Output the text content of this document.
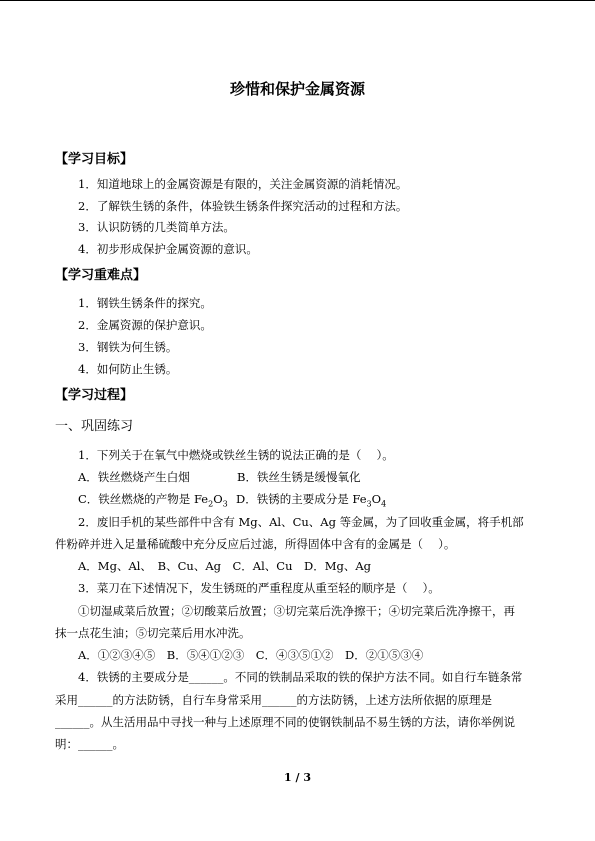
珍惜和保护金属资源
【学习目标】
1．知道地球上的金属资源是有限的，关注金属资源的消耗情况。
2．了解铁生锈的条件，体验铁生锈条件探究活动的过程和方法。
3．认识防锈的几类简单方法。
4．初步形成保护金属资源的意识。
【学习重难点】
1．钢铁生锈条件的探究。
2．金属资源的保护意识。
3．钢铁为何生锈。
4．如何防止生锈。
【学习过程】
一、巩固练习
1．下列关于在氧气中燃烧或铁丝生锈的说法正确的是（　 ）。
A．铁丝燃烧产生白烟	B．铁丝生锈是缓慢氧化
C．铁丝燃烧的产物是 $Fe_2O_3$ D．铁锈的主要成分是 $Fe_3O_4$
2．废旧手机的某些部件中含有 Mg、Al、Cu、Ag 等金属，为了回收重金属，将手机部
件粉碎并进入足量稀硫酸中充分反应后过滤，所得固体中含有的金属是（　 ）。
A．Mg、Al、　B、Cu、Ag　C．Al、Cu　D．Mg、Ag
3．菜刀在下述情况下，发生锈斑的严重程度从重至轻的顺序是（　 ）。
①切湿咸菜后放置；②切酸菜后放置；③切完菜后洗净擦干；④切完菜后洗净擦干，再
抹一点花生油；⑤切完菜后用水冲洗。
A．①②③④⑤　B．⑤④①②③　C．④③⑤①②　D．②①⑤③④
4．铁锈的主要成分是______。不同的铁制品采取的铁的保护方法不同。如自行车链条常
采用______的方法防锈，自行车身常采用______的方法防锈，上述方法所依据的原理是
______。从生活用品中寻找一种与上述原理不同的使钢铁制品不易生锈的方法，请你举例说
明：______。
1 / 3
